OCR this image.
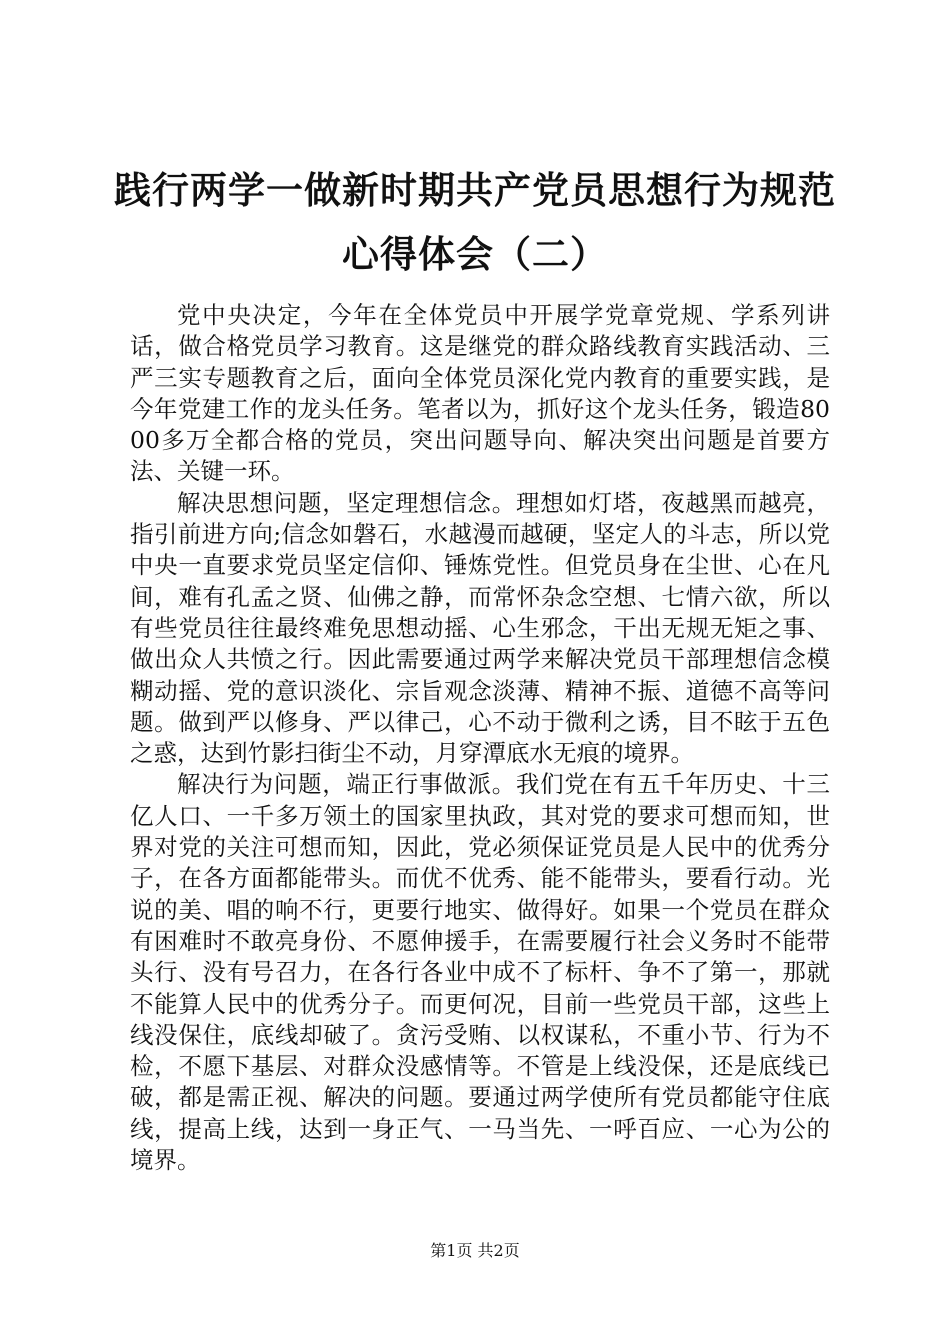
践行两学一做新时期共产党员思想行为规范心得体会（二）

党中央决定，今年在全体党员中开展学党章党规、学系列讲话，做合格党员学习教育。这是继党的群众路线教育实践活动、三严三实专题教育之后，面向全体党员深化党内教育的重要实践，是今年党建工作的龙头任务。笔者以为，抓好这个龙头任务，锻造8000多万全都合格的党员，突出问题导向、解决突出问题是首要方法、关键一环。

解决思想问题，坚定理想信念。理想如灯塔，夜越黑而越亮，指引前进方向;信念如磐石，水越漫而越硬，坚定人的斗志，所以党中央一直要求党员坚定信仰、锤炼党性。但党员身在尘世、心在凡间，难有孔孟之贤、仙佛之静，而常怀杂念空想、七情六欲，所以有些党员往往最终难免思想动摇、心生邪念，干出无规无矩之事、做出众人共愤之行。因此需要通过两学来解决党员干部理想信念模糊动摇、党的意识淡化、宗旨观念淡薄、精神不振、道德不高等问题。做到严以修身、严以律己，心不动于微利之诱，目不眩于五色之惑，达到竹影扫街尘不动，月穿潭底水无痕的境界。

解决行为问题，端正行事做派。我们党在有五千年历史、十三亿人口、一千多万领土的国家里执政，其对党的要求可想而知，世界对党的关注可想而知，因此，党必须保证党员是人民中的优秀分子，在各方面都能带头。而优不优秀、能不能带头，要看行动。光说的美、唱的响不行，更要行地实、做得好。如果一个党员在群众有困难时不敢亮身份、不愿伸援手，在需要履行社会义务时不能带头行、没有号召力，在各行各业中成不了标杆、争不了第一，那就不能算人民中的优秀分子。而更何况，目前一些党员干部，这些上线没保住，底线却破了。贪污受贿、以权谋私，不重小节、行为不检，不愿下基层、对群众没感情等。不管是上线没保，还是底线已破，都是需正视、解决的问题。要通过两学使所有党员都能守住底线，提高上线，达到一身正气、一马当先、一呼百应、一心为公的境界。

第1页 共2页
